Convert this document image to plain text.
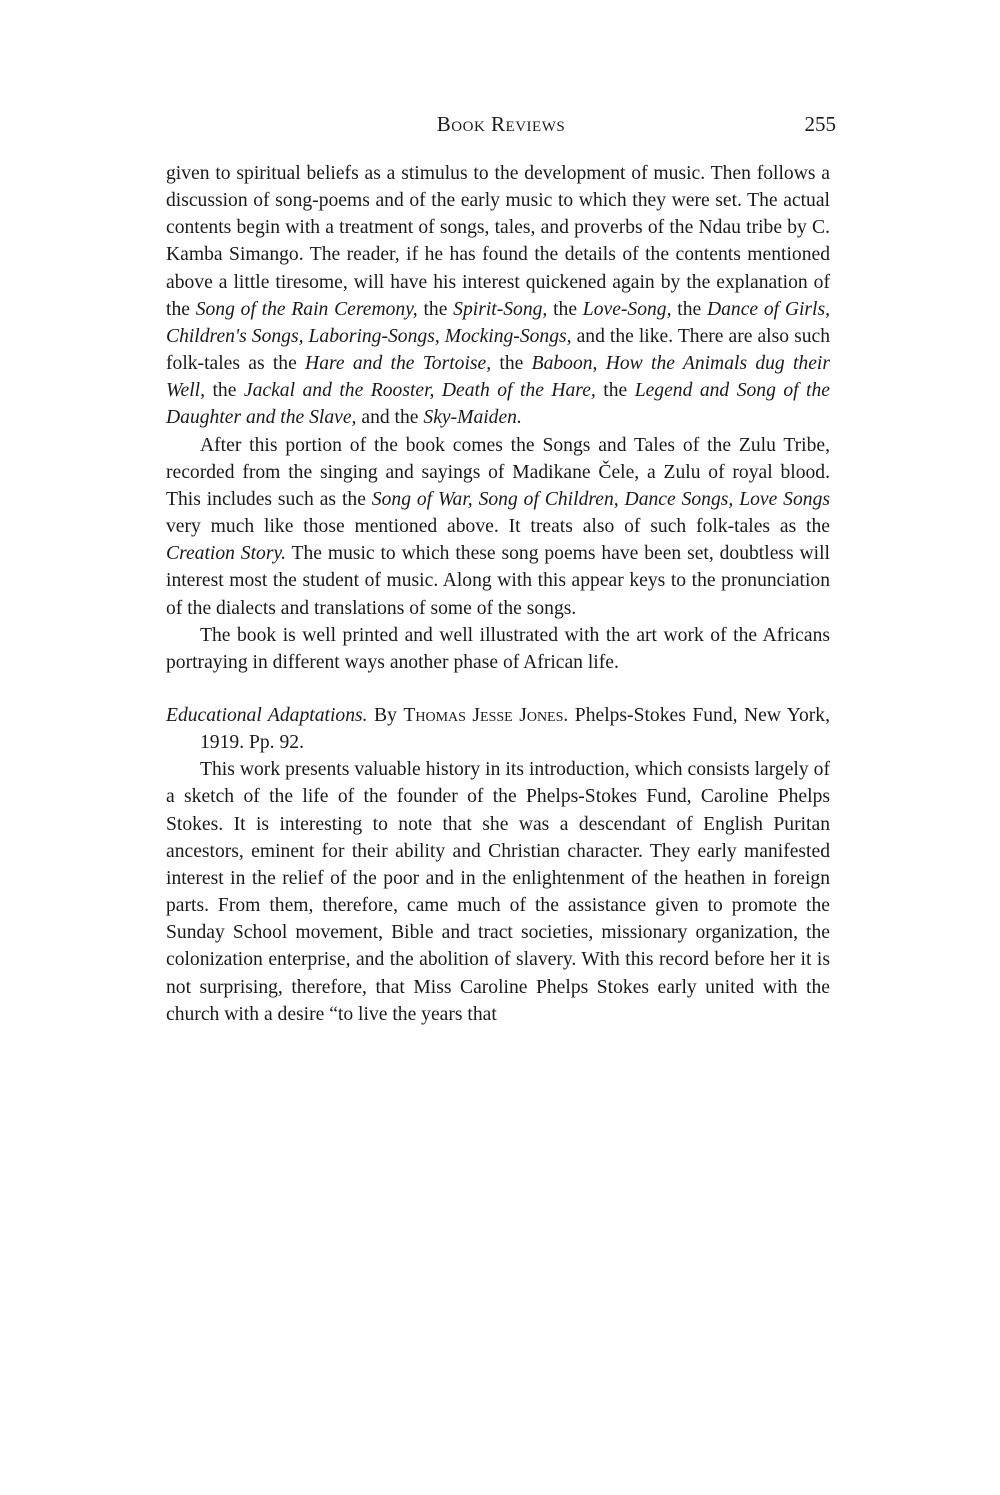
Book Reviews	255

given to spiritual beliefs as a stimulus to the development of music. Then follows a discussion of song-poems and of the early music to which they were set. The actual contents begin with a treatment of songs, tales, and proverbs of the Ndau tribe by C. Kamba Simango. The reader, if he has found the details of the contents mentioned above a little tiresome, will have his interest quickened again by the explanation of the Song of the Rain Ceremony, the Spirit-Song, the Love-Song, the Dance of Girls, Children's Songs, Laboring-Songs, Mocking-Songs, and the like. There are also such folk-tales as the Hare and the Tortoise, the Baboon, How the Animals dug their Well, the Jackal and the Rooster, Death of the Hare, the Legend and Song of the Daughter and the Slave, and the Sky-Maiden.

After this portion of the book comes the Songs and Tales of the Zulu Tribe, recorded from the singing and sayings of Madikane Čele, a Zulu of royal blood. This includes such as the Song of War, Song of Children, Dance Songs, Love Songs very much like those mentioned above. It treats also of such folk-tales as the Creation Story. The music to which these song poems have been set, doubtless will interest most the student of music. Along with this appear keys to the pronunciation of the dialects and translations of some of the songs.

The book is well printed and well illustrated with the art work of the Africans portraying in different ways another phase of African life.

Educational Adaptations. By Thomas Jesse Jones. Phelps-Stokes Fund, New York, 1919. Pp. 92.

This work presents valuable history in its introduction, which consists largely of a sketch of the life of the founder of the Phelps-Stokes Fund, Caroline Phelps Stokes. It is interesting to note that she was a descendant of English Puritan ancestors, eminent for their ability and Christian character. They early manifested interest in the relief of the poor and in the enlightenment of the heathen in foreign parts. From them, therefore, came much of the assistance given to promote the Sunday School movement, Bible and tract societies, missionary organization, the colonization enterprise, and the abolition of slavery. With this record before her it is not surprising, therefore, that Miss Caroline Phelps Stokes early united with the church with a desire “to live the years that
